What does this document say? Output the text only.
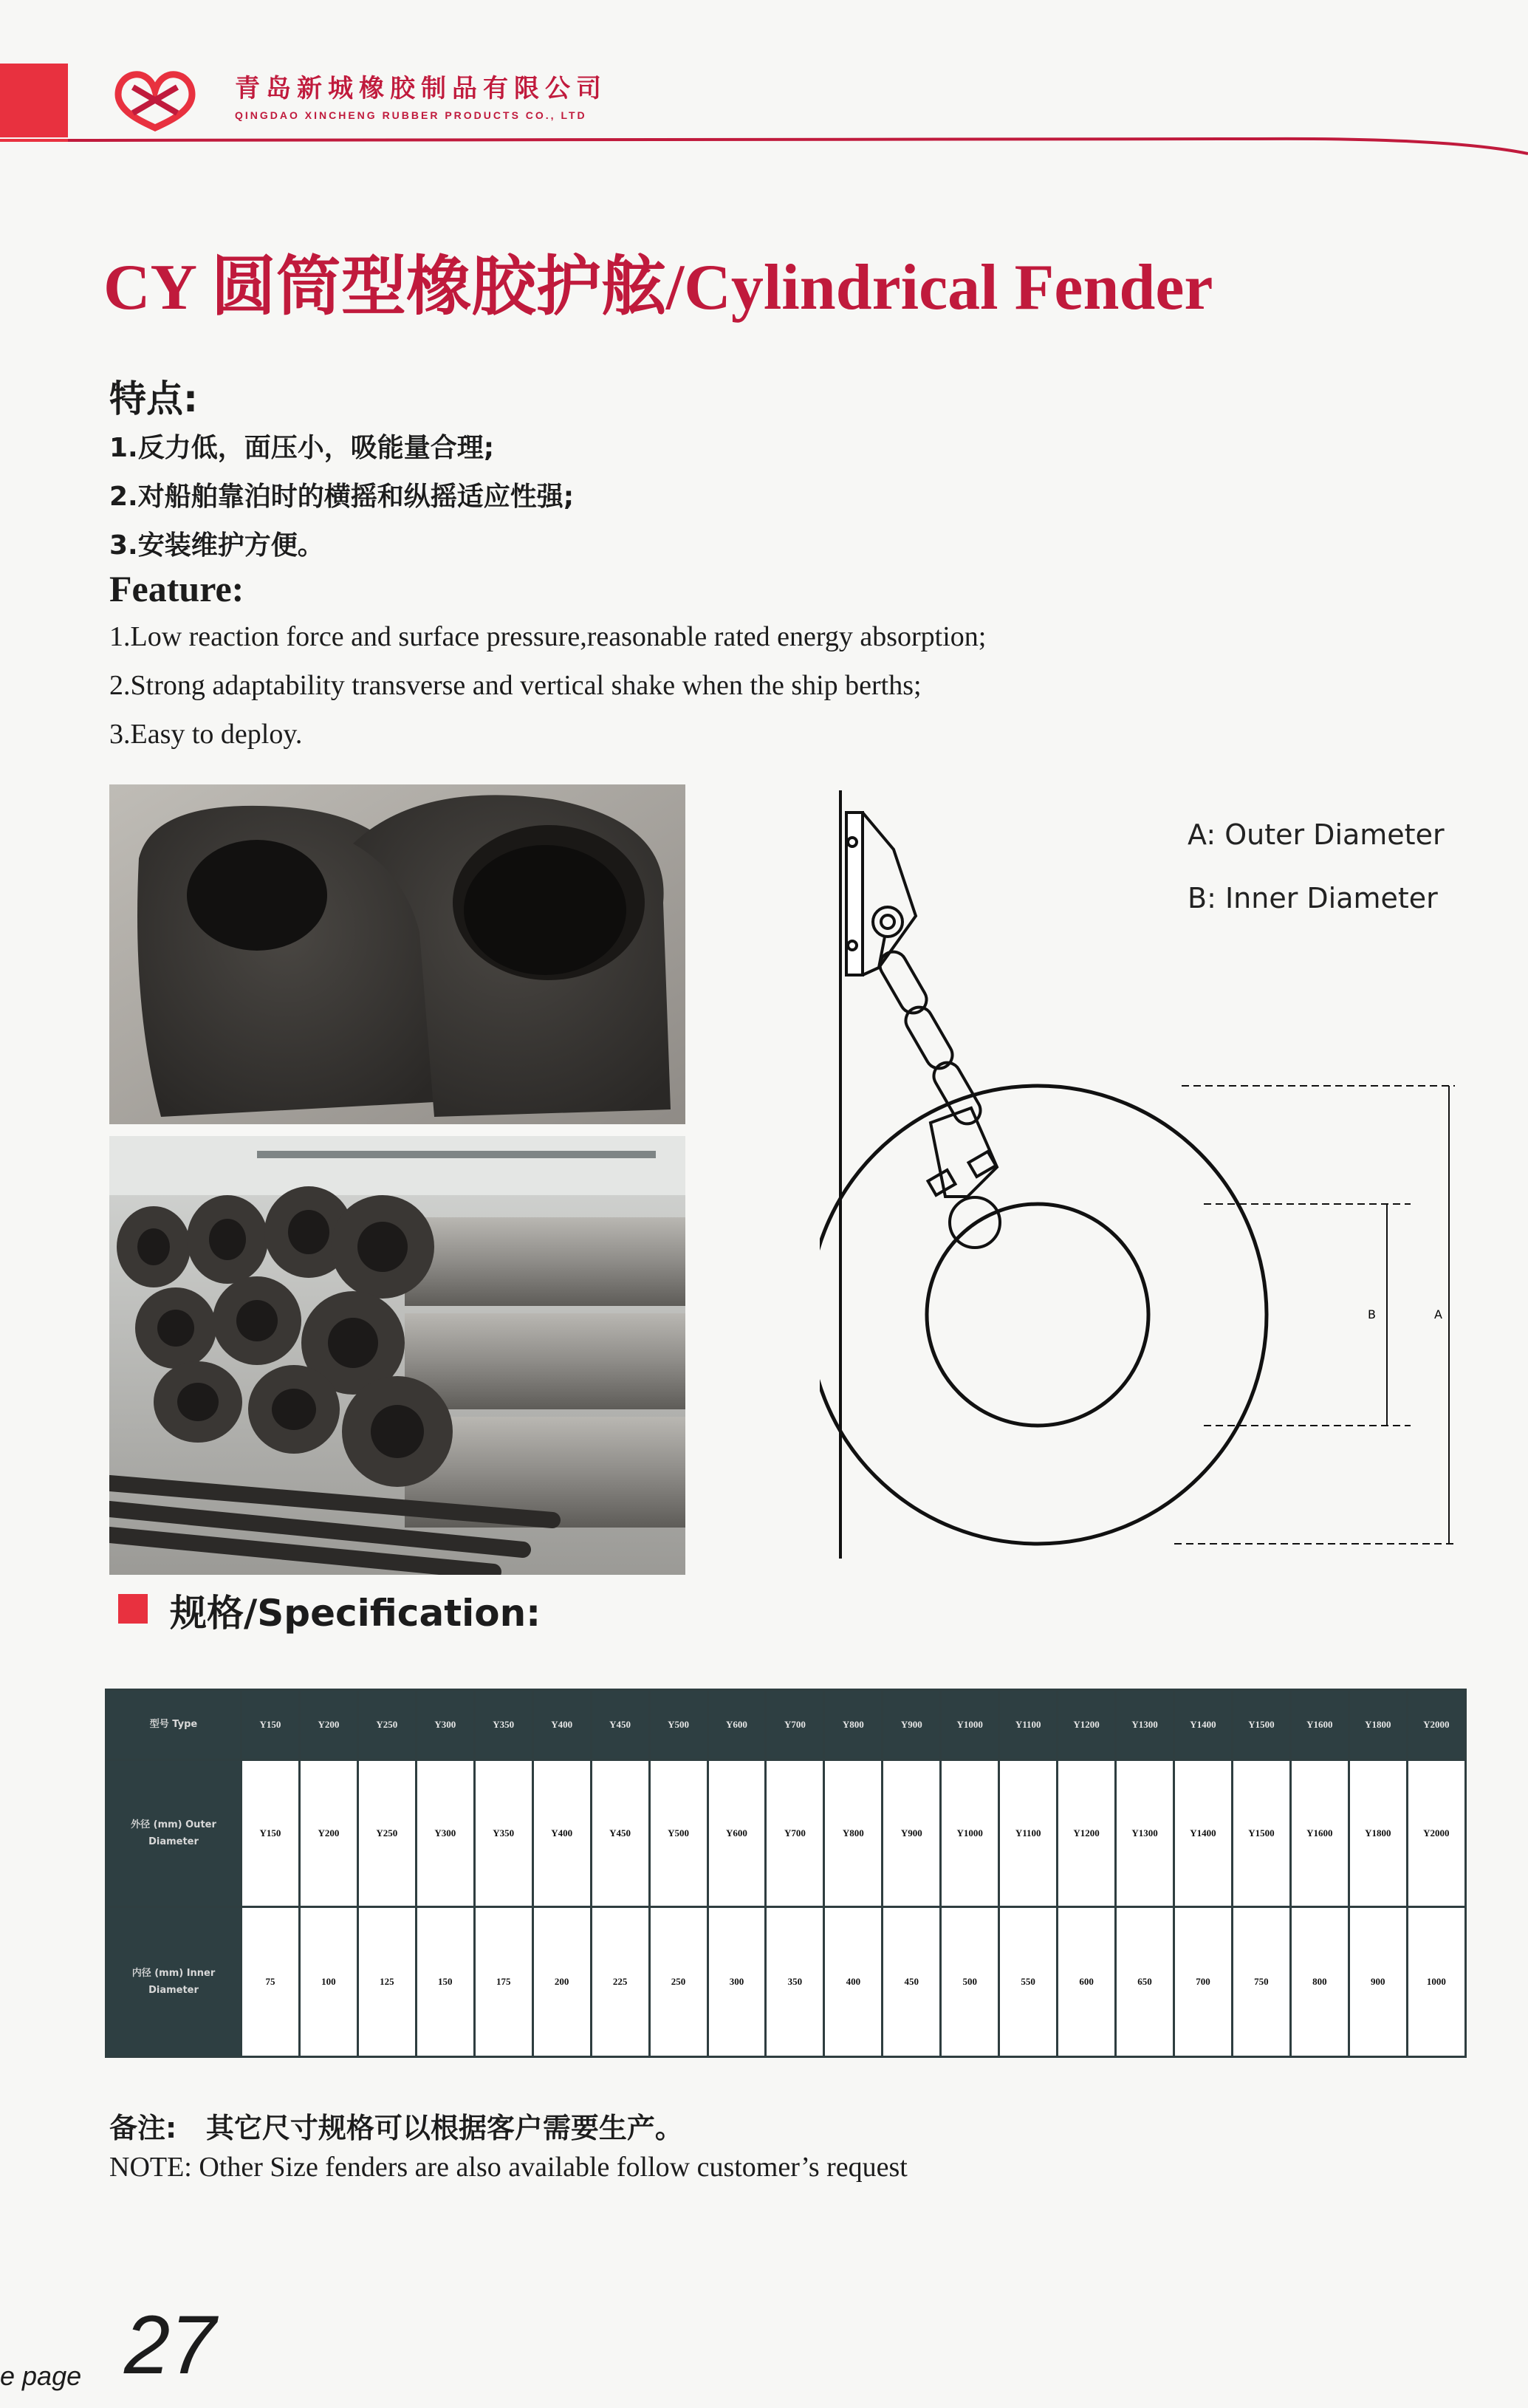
青岛新城橡胶制品有限公司
QINGDAO XINCHENG RUBBER PRODUCTS CO., LTD
CY 圆筒型橡胶护舷/Cylindrical Fender
特点:
1.反力低，面压小，吸能量合理;
2.对船舶靠泊时的横摇和纵摇适应性强;
3.安装维护方便。
Feature:
1.Low reaction force and surface pressure,reasonable rated energy absorption;
2.Strong adaptability transverse and vertical shake when the ship berths;
3.Easy to deploy.
A
B
A: Outer Diameter
B: Inner Diameter
规格/Specification:
型号 Type	Y150	Y200	Y250	Y300	Y350	Y400	Y450	Y500	Y600	Y700	Y800	Y900	Y1000	Y1100	Y1200	Y1300	Y1400	Y1500	Y1600	Y1800	Y2000
外径 (mm) Outer Diameter	Y150	Y200	Y250	Y300	Y350	Y400	Y450	Y500	Y600	Y700	Y800	Y900	Y1000	Y1100	Y1200	Y1300	Y1400	Y1500	Y1600	Y1800	Y2000
内径 (mm) Inner Diameter	75	100	125	150	175	200	225	250	300	350	400	450	500	550	600	650	700	750	800	900	1000
备注: 其它尺寸规格可以根据客户需要生产。
NOTE: Other Size fenders are also available follow customer’s request
e page 27
